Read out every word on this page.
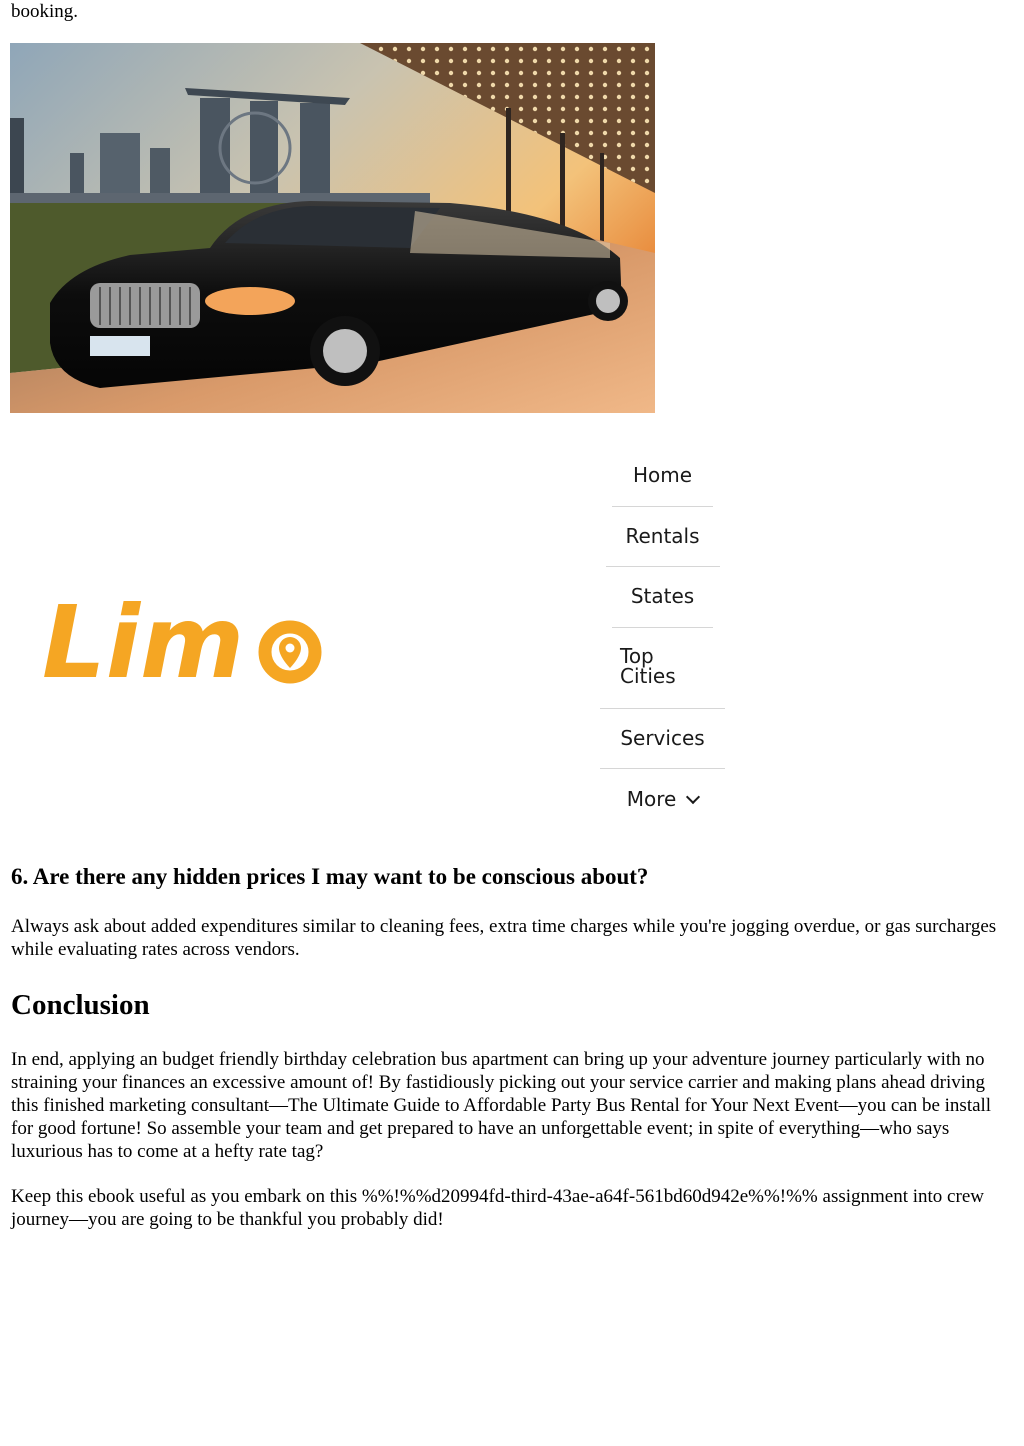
booking.
Lim
Home
Rentals
States
Top
Cities
Services
More
6. Are there any hidden prices I may want to be conscious about?

Always ask about added expenditures similar to cleaning fees, extra time charges while you're jogging overdue, or gas surcharges while evaluating rates across vendors.

Conclusion

In end, applying an budget friendly birthday celebration bus apartment can bring up your adventure journey particularly with no straining your finances an excessive amount of! By fastidiously picking out your service carrier and making plans ahead driving this finished marketing consultant—The Ultimate Guide to Affordable Party Bus Rental for Your Next Event—you can be install for good fortune! So assemble your team and get prepared to have an unforgettable event; in spite of everything—who says luxurious has to come at a hefty rate tag?

Keep this ebook useful as you embark on this %%!%%d20994fd-third-43ae-a64f-561bd60d942e%%!%% assignment into crew journey—you are going to be thankful you probably did!
